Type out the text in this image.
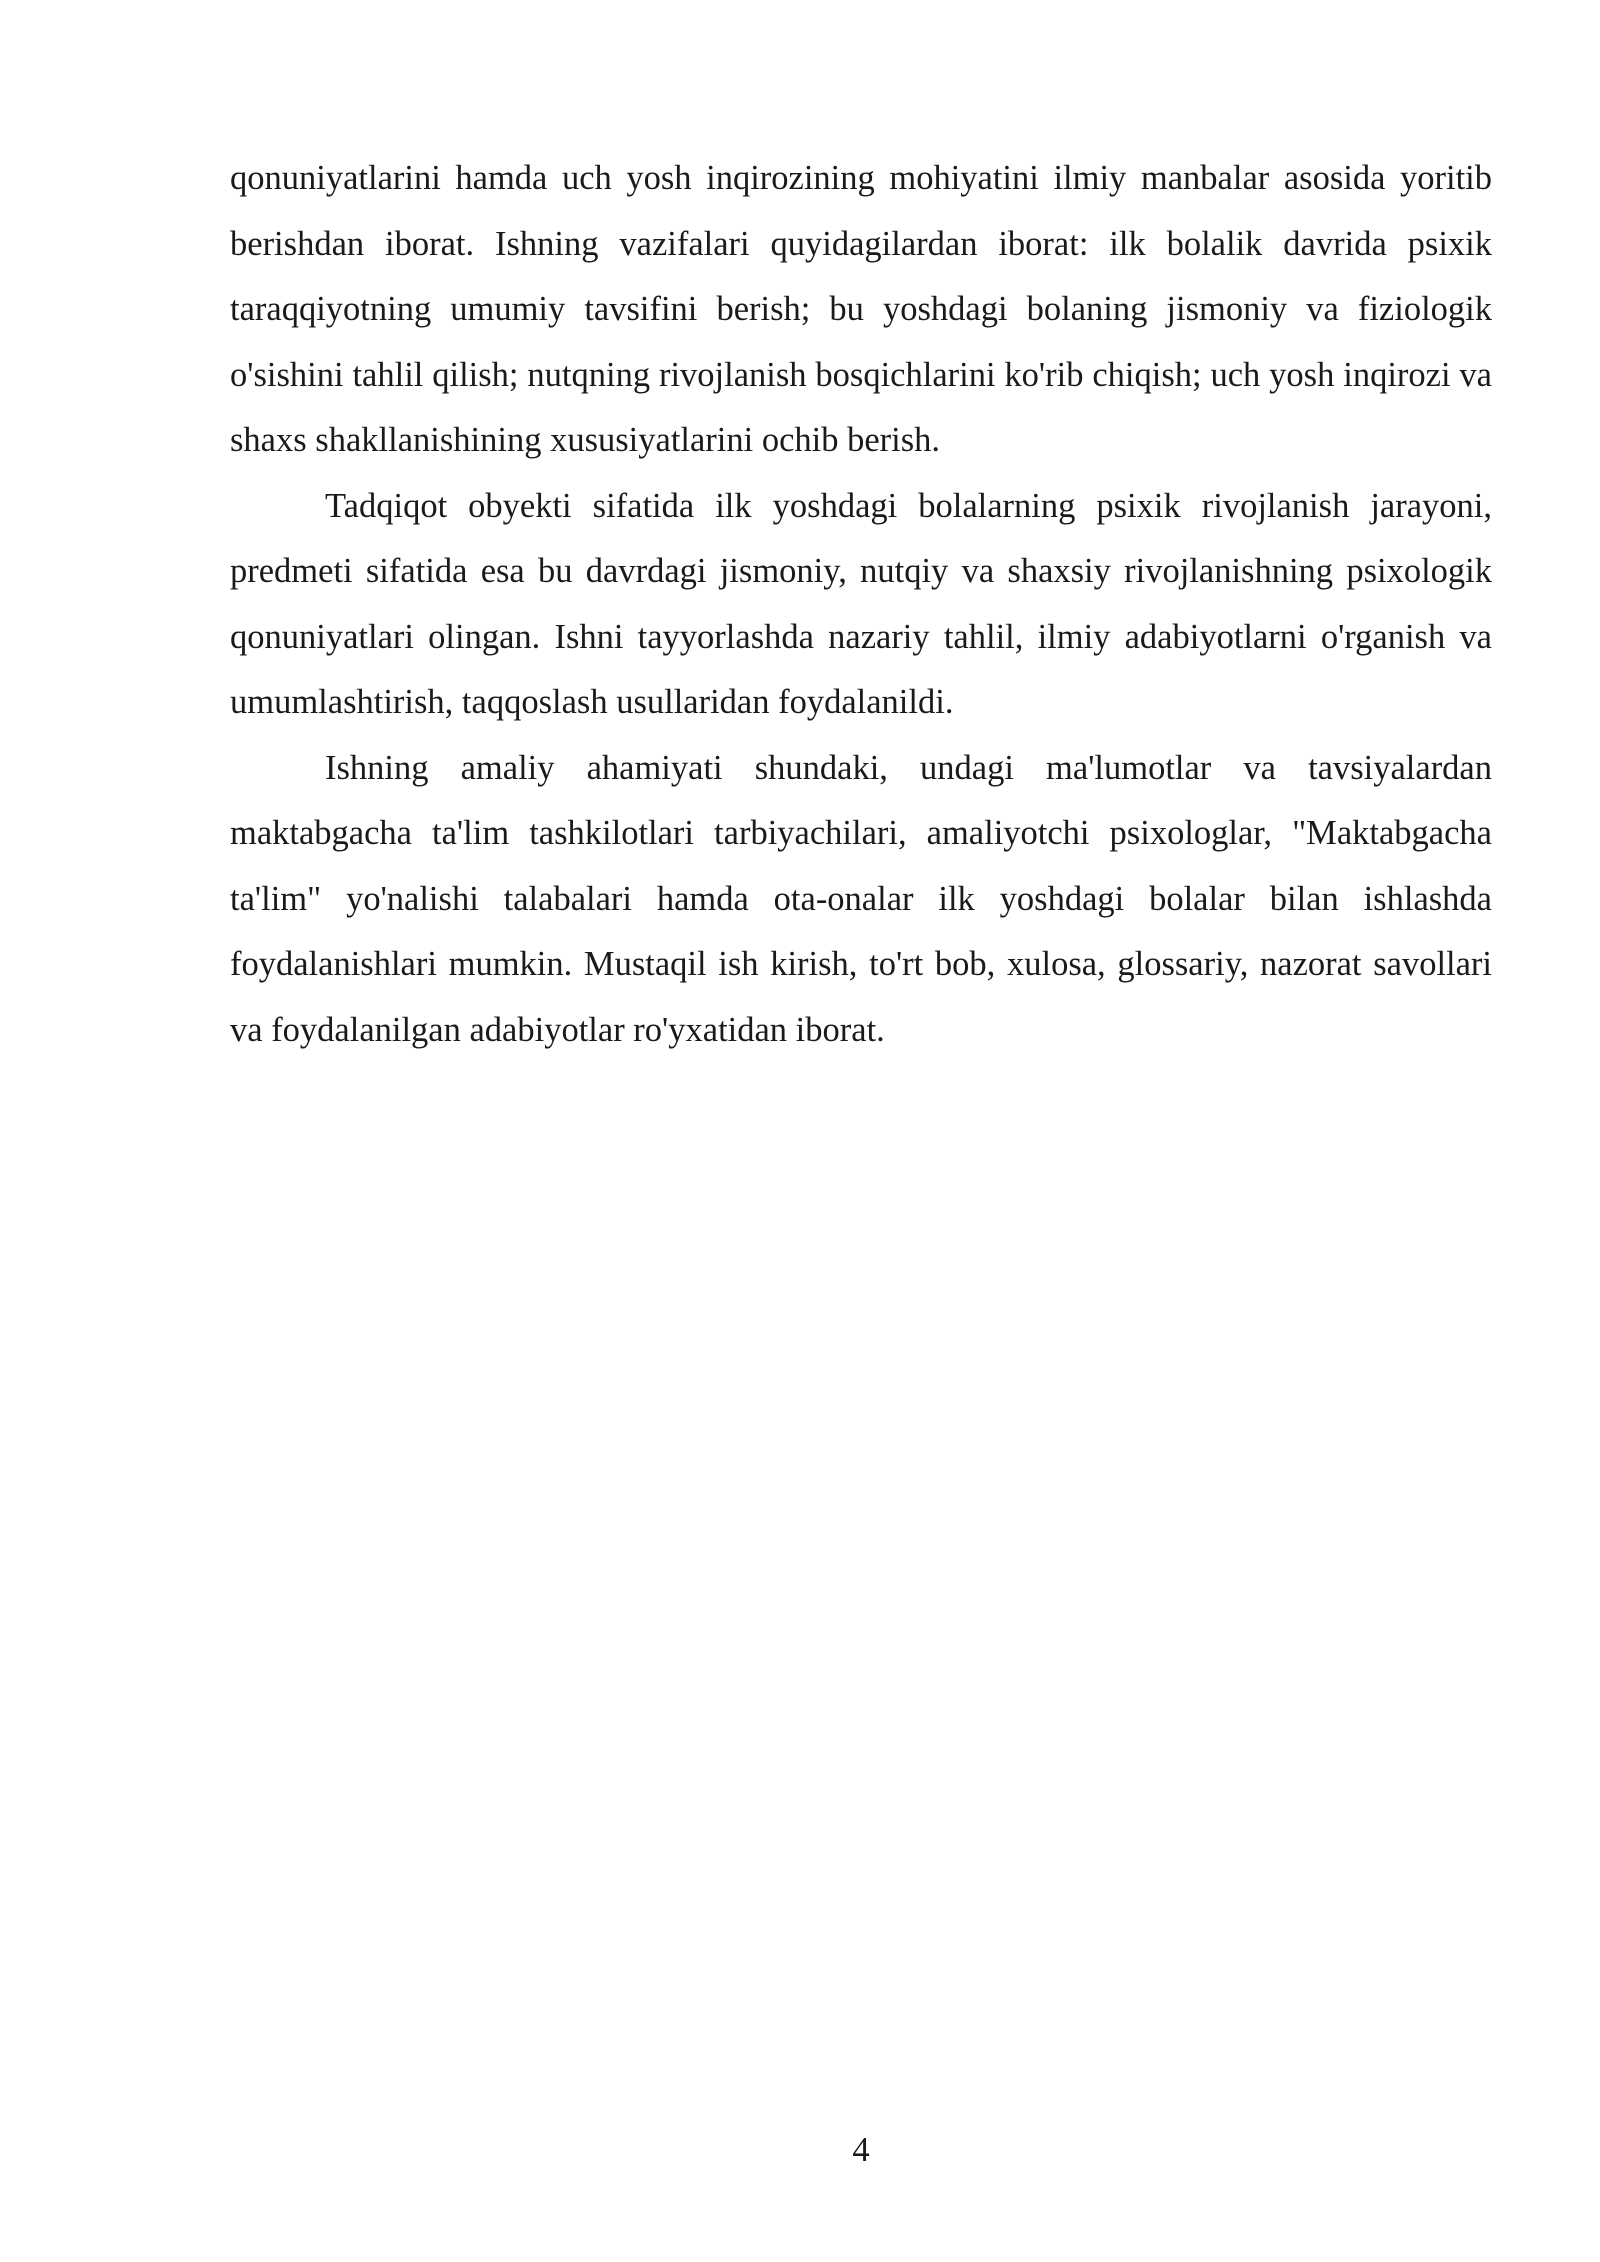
qonuniyatlarini hamda uch yosh inqirozining mohiyatini ilmiy manbalar asosida yoritib berishdan iborat. Ishning vazifalari quyidagilardan iborat: ilk bolalik davrida psixik taraqqiyotning umumiy tavsifini berish; bu yoshdagi bolaning jismoniy va fiziologik o'sishini tahlil qilish; nutqning rivojlanish bosqichlarini ko'rib chiqish; uch yosh inqirozi va shaxs shakllanishining xususiyatlarini ochib berish.

Tadqiqot obyekti sifatida ilk yoshdagi bolalarning psixik rivojlanish jarayoni, predmeti sifatida esa bu davrdagi jismoniy, nutqiy va shaxsiy rivojlanishning psixologik qonuniyatlari olingan. Ishni tayyorlashda nazariy tahlil, ilmiy adabiyotlarni o'rganish va umumlashtirish, taqqoslash usullaridan foydalanildi.

Ishning amaliy ahamiyati shundaki, undagi ma'lumotlar va tavsiyalardan maktabgacha ta'lim tashkilotlari tarbiyachilari, amaliyotchi psixologlar, "Maktabgacha ta'lim" yo'nalishi talabalari hamda ota-onalar ilk yoshdagi bolalar bilan ishlashda foydalanishlari mumkin. Mustaqil ish kirish, to'rt bob, xulosa, glossariy, nazorat savollari va foydalanilgan adabiyotlar ro'yxatidan iborat.

4
